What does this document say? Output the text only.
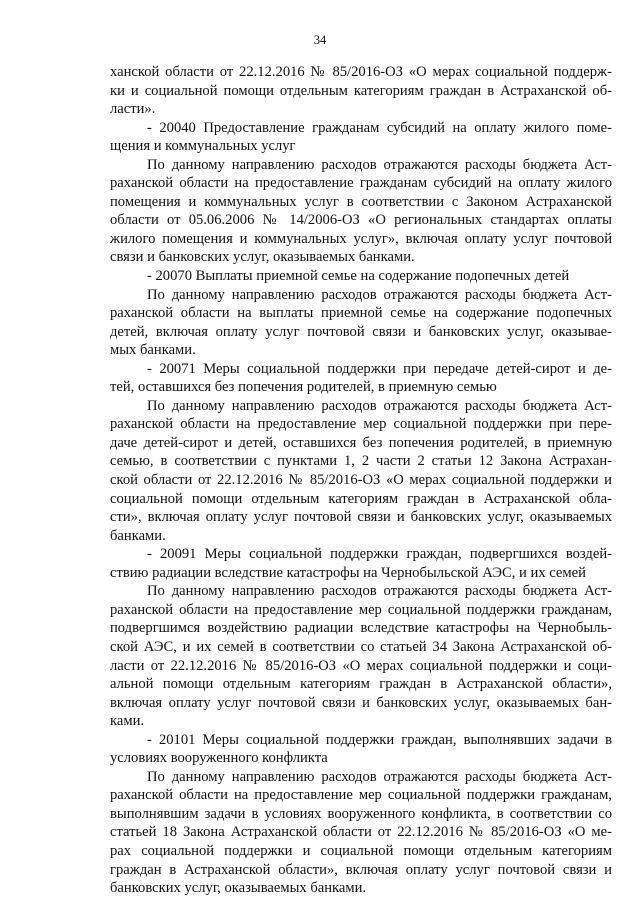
34
ханской области от 22.12.2016 № 85/2016-ОЗ «О мерах социальной поддерж-
ки и социальной помощи отдельным категориям граждан в Астраханской об-
ласти».
- 20040 Предоставление гражданам субсидий на оплату жилого поме-
щения и коммунальных услуг
По данному направлению расходов отражаются расходы бюджета Аст-
раханской области на предоставление гражданам субсидий на оплату жилого
помещения и коммунальных услуг в соответствии с Законом Астраханской
области от 05.06.2006 № 14/2006-ОЗ «О региональных стандартах оплаты
жилого помещения и коммунальных услуг», включая оплату услуг почтовой
связи и банковских услуг, оказываемых банками.
- 20070 Выплаты приемной семье на содержание подопечных детей
По данному направлению расходов отражаются расходы бюджета Аст-
раханской области на выплаты приемной семье на содержание подопечных
детей, включая оплату услуг почтовой связи и банковских услуг, оказывае-
мых банками.
- 20071 Меры социальной поддержки при передаче детей-сирот и де-
тей, оставшихся без попечения родителей, в приемную семью
По данному направлению расходов отражаются расходы бюджета Аст-
раханской области на предоставление мер социальной поддержки при пере-
даче детей-сирот и детей, оставшихся без попечения родителей, в приемную
семью, в соответствии с пунктами 1, 2 части 2 статьи 12 Закона Астрахан-
ской области от 22.12.2016 № 85/2016-ОЗ «О мерах социальной поддержки и
социальной помощи отдельным категориям граждан в Астраханской обла-
сти», включая оплату услуг почтовой связи и банковских услуг, оказываемых
банками.
- 20091 Меры социальной поддержки граждан, подвергшихся воздей-
ствию радиации вследствие катастрофы на Чернобыльской АЭС, и их семей
По данному направлению расходов отражаются расходы бюджета Аст-
раханской области на предоставление мер социальной поддержки гражданам,
подвергшимся воздействию радиации вследствие катастрофы на Чернобыль-
ской АЭС, и их семей в соответствии со статьей 34 Закона Астраханской об-
ласти от 22.12.2016 № 85/2016-ОЗ «О мерах социальной поддержки и соци-
альной помощи отдельным категориям граждан в Астраханской области»,
включая оплату услуг почтовой связи и банковских услуг, оказываемых бан-
ками.
- 20101 Меры социальной поддержки граждан, выполнявших задачи в
условиях вооруженного конфликта
По данному направлению расходов отражаются расходы бюджета Аст-
раханской области на предоставление мер социальной поддержки гражданам,
выполнявшим задачи в условиях вооруженного конфликта, в соответствии со
статьей 18 Закона Астраханской области от 22.12.2016 № 85/2016-ОЗ «О ме-
рах социальной поддержки и социальной помощи отдельным категориям
граждан в Астраханской области», включая оплату услуг почтовой связи и
банковских услуг, оказываемых банками.
